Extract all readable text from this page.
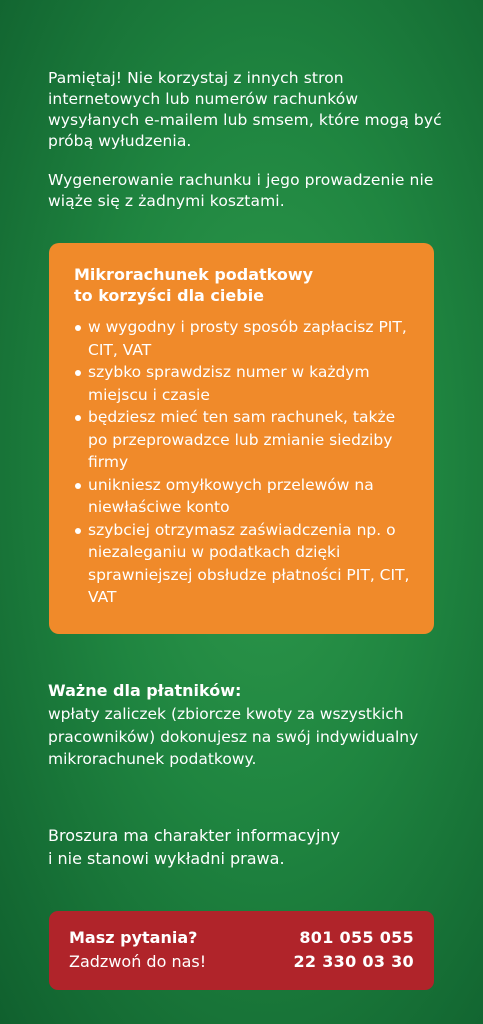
Pamiętaj! Nie korzystaj z innych stron internetowych lub numerów rachunków wysyłanych e-mailem lub smsem, które mogą być próbą wyłudzenia.

Wygenerowanie rachunku i jego prowadzenie nie wiąże się z żadnymi kosztami.

Mikrorachunek podatkowy
to korzyści dla ciebie
w wygodny i prosty sposób zapłacisz PIT, CIT, VAT
szybko sprawdzisz numer w każdym miejscu i czasie
będziesz mieć ten sam rachunek, także po przeprowadzce lub zmianie siedziby firmy
unikniesz omyłkowych przelewów na niewłaściwe konto
szybciej otrzymasz zaświadczenia np. o niezaleganiu w podatkach dzięki sprawniejszej obsłudze płatności PIT, CIT, VAT
Ważne dla płatników:

wpłaty zaliczek (zbiorcze kwoty za wszystkich pracowników) dokonujesz na swój indywidualny mikrorachunek podatkowy.

Broszura ma charakter informacyjny
i nie stanowi wykładni prawa.

Masz pytania?

Zadzwoń do nas!

801 055 055

22 330 03 30
